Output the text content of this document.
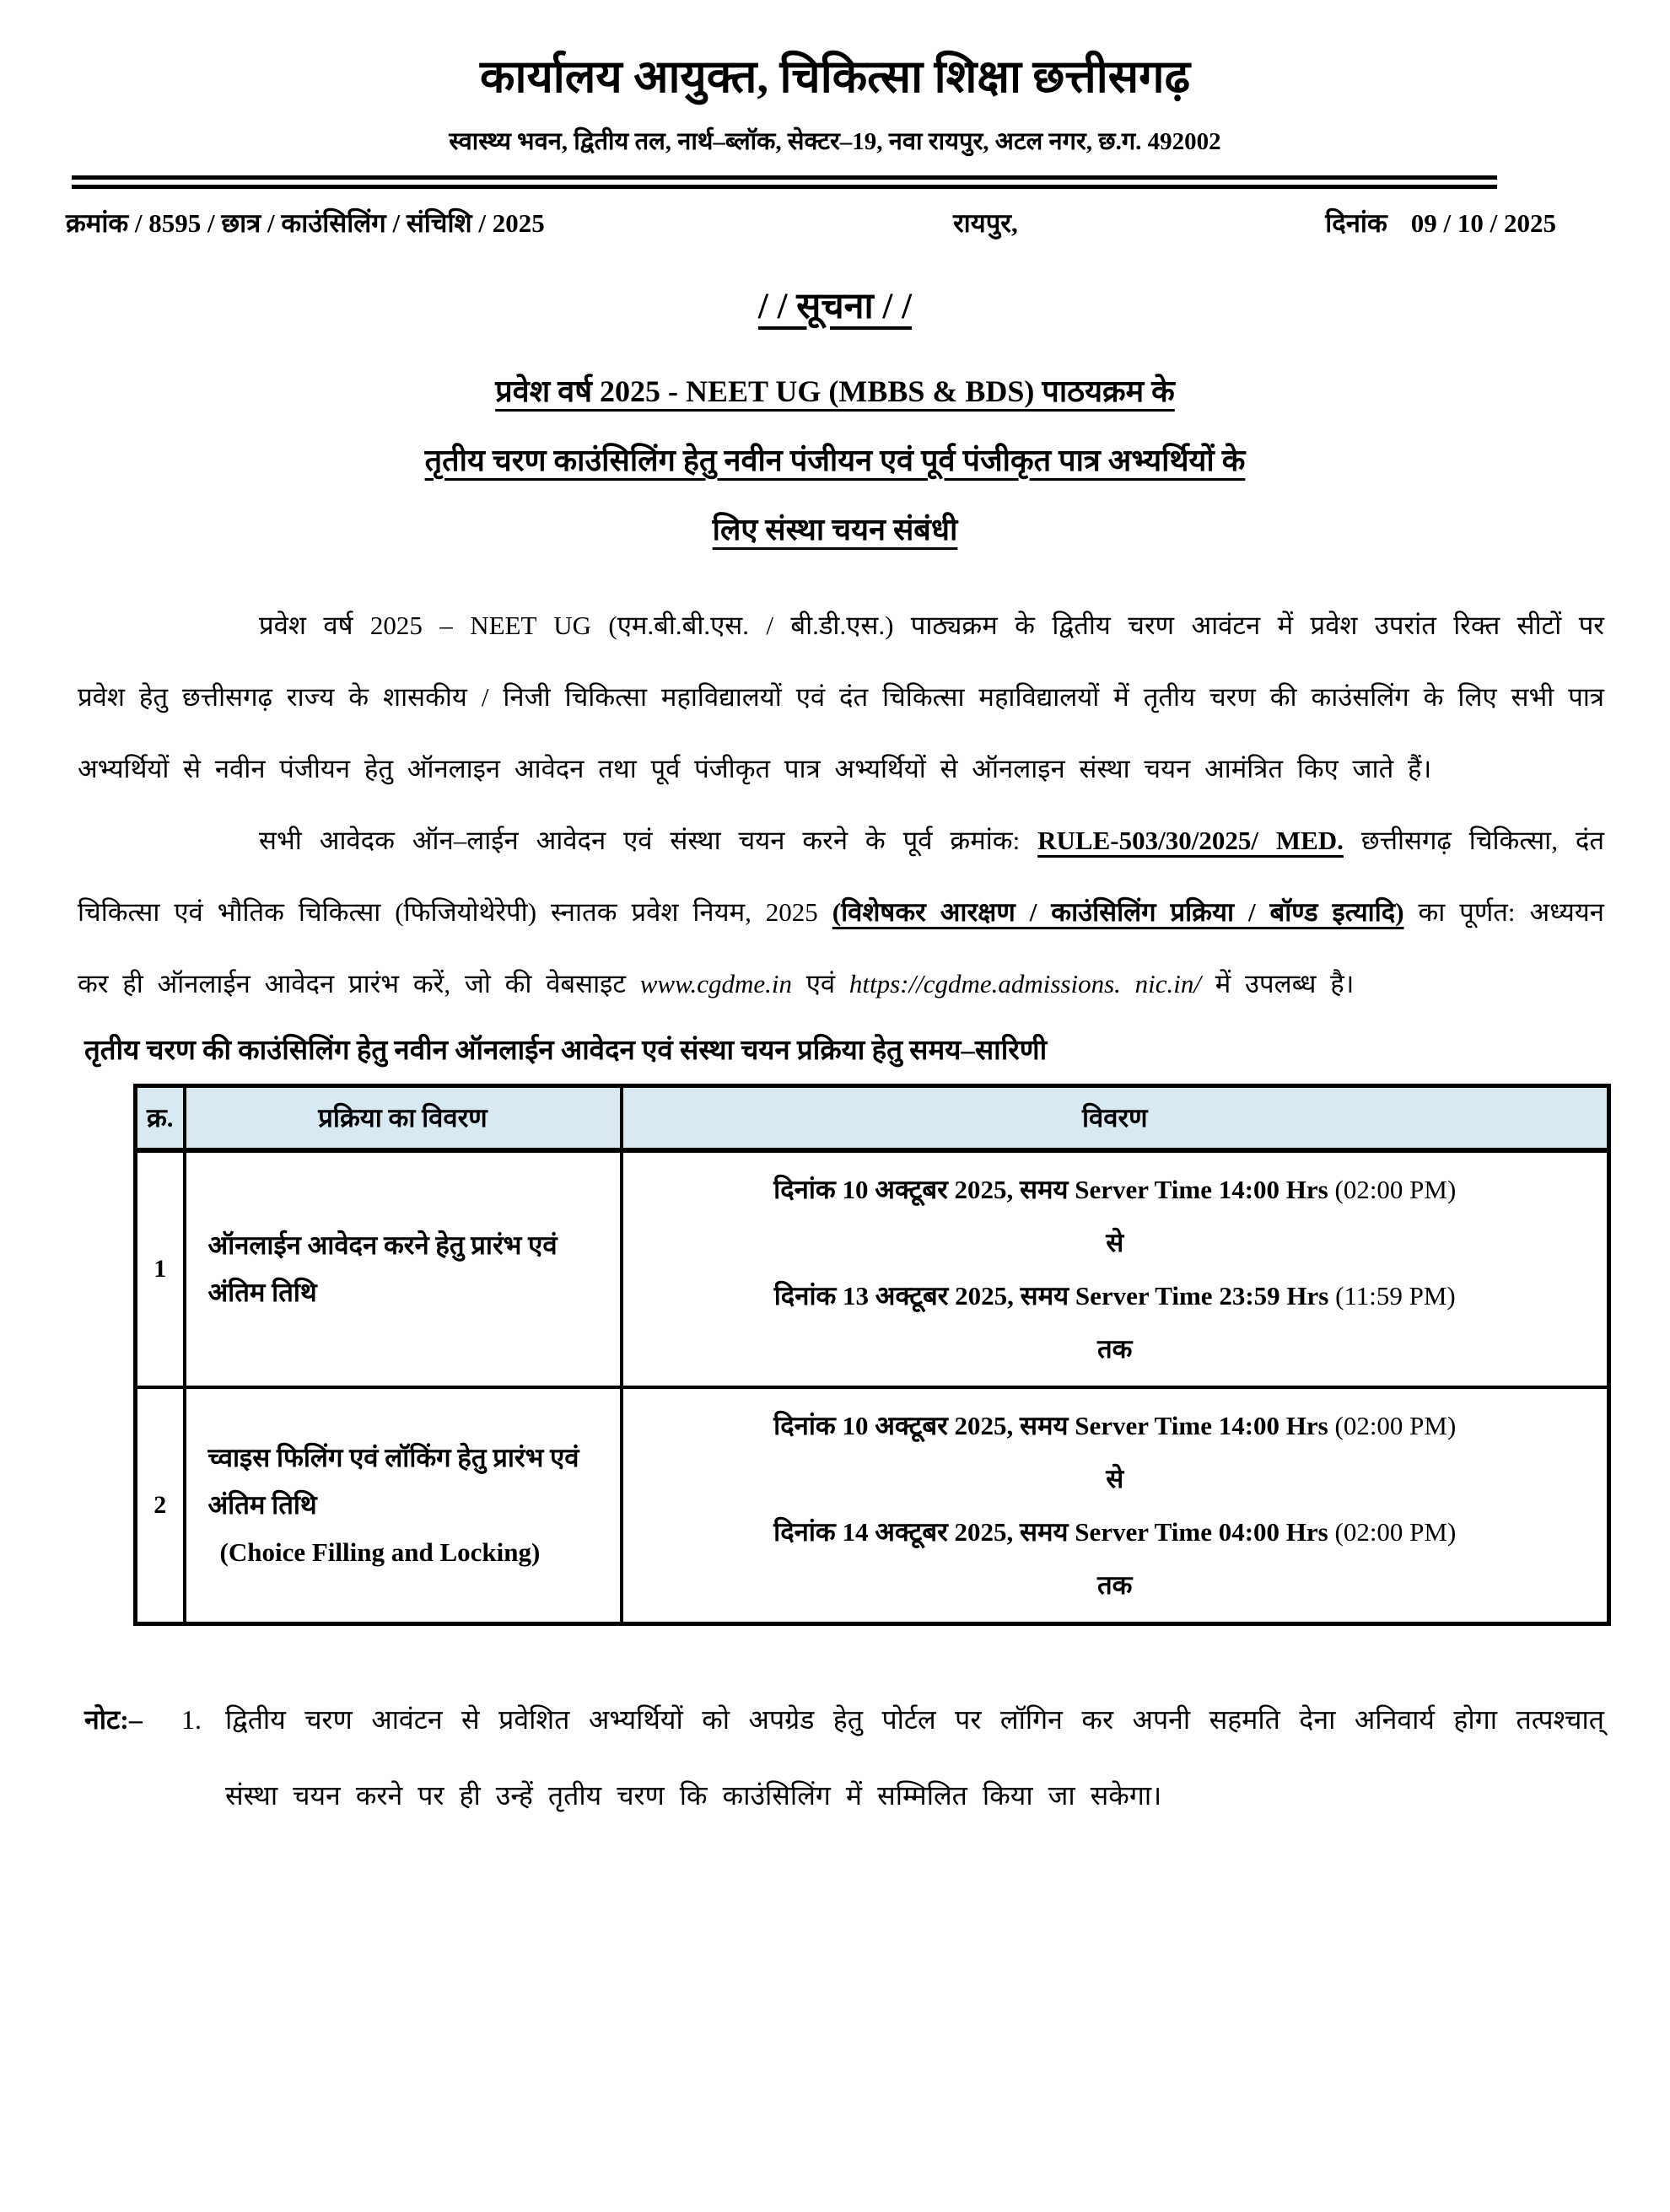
कार्यालय आयुक्त, चिकित्सा शिक्षा छत्तीसगढ़
स्वास्थ्य भवन, द्वितीय तल, नार्थ–ब्लॉक, सेक्टर–19, नवा रायपुर, अटल नगर, छ.ग. 492002
क्रमांक / 8595 / छात्र / काउंसिलिंग / संचिशि / 2025	रायपुर,	दिनांक 09 / 10 / 2025
/ / सूचना / /
प्रवेश वर्ष 2025 - NEET UG (MBBS & BDS) पाठयक्रम के
तृतीय चरण काउंसिलिंग हेतु नवीन पंजीयन एवं पूर्व पंजीकृत पात्र अभ्यर्थियों के
लिए संस्था चयन संबंधी
प्रवेश वर्ष 2025 – NEET UG (एम.बी.बी.एस. / बी.डी.एस.) पाठ्यक्रम के द्वितीय चरण आवंटन में प्रवेश उपरांत रिक्त सीटों पर प्रवेश हेतु छत्तीसगढ़ राज्य के शासकीय / निजी चिकित्सा महाविद्यालयों एवं दंत चिकित्सा महाविद्यालयों में तृतीय चरण की काउंसलिंग के लिए सभी पात्र अभ्यर्थियों से नवीन पंजीयन हेतु ऑनलाइन आवेदन तथा पूर्व पंजीकृत पात्र अभ्यर्थियों से ऑनलाइन संस्था चयन आमंत्रित किए जाते हैं।
सभी आवेदक ऑन–लाईन आवेदन एवं संस्था चयन करने के पूर्व क्रमांक: RULE-503/30/2025/ MED. छत्तीसगढ़ चिकित्सा, दंत चिकित्सा एवं भौतिक चिकित्सा (फिजियोथेरेपी) स्नातक प्रवेश नियम, 2025 (विशेषकर आरक्षण / काउंसिलिंग प्रक्रिया / बॉण्ड इत्यादि) का पूर्णत: अध्ययन कर ही ऑनलाईन आवेदन प्रारंभ करें, जो की वेबसाइट www.cgdme.in एवं https://cgdme.admissions. nic.in/ में उपलब्ध है।
तृतीय चरण की काउंसिलिंग हेतु नवीन ऑनलाईन आवेदन एवं संस्था चयन प्रक्रिया हेतु समय–सारिणी
क्र.	प्रक्रिया का विवरण	विवरण
1	ऑनलाईन आवेदन करने हेतु प्रारंभ एवं अंतिम तिथि	दिनांक 10 अक्टूबर 2025, समय Server Time 14:00 Hrs (02:00 PM)
से
दिनांक 13 अक्टूबर 2025, समय Server Time 23:59 Hrs (11:59 PM)
तक

2	च्वाइस फिलिंग एवं लॉकिंग हेतु प्रारंभ एवं अंतिम तिथि
(Choice Filling and Locking)

दिनांक 10 अक्टूबर 2025, समय Server Time 14:00 Hrs (02:00 PM)
से
दिनांक 14 अक्टूबर 2025, समय Server Time 04:00 Hrs (02:00 PM)
तक
नोट:–	1. द्वितीय चरण आवंटन से प्रवेशित अभ्यर्थियों को अपग्रेड हेतु पोर्टल पर लॉगिन कर अपनी सहमति देना अनिवार्य होगा तत्पश्चात् संस्था चयन करने पर ही उन्हें तृतीय चरण कि काउंसिलिंग में सम्मिलित किया जा सकेगा।
